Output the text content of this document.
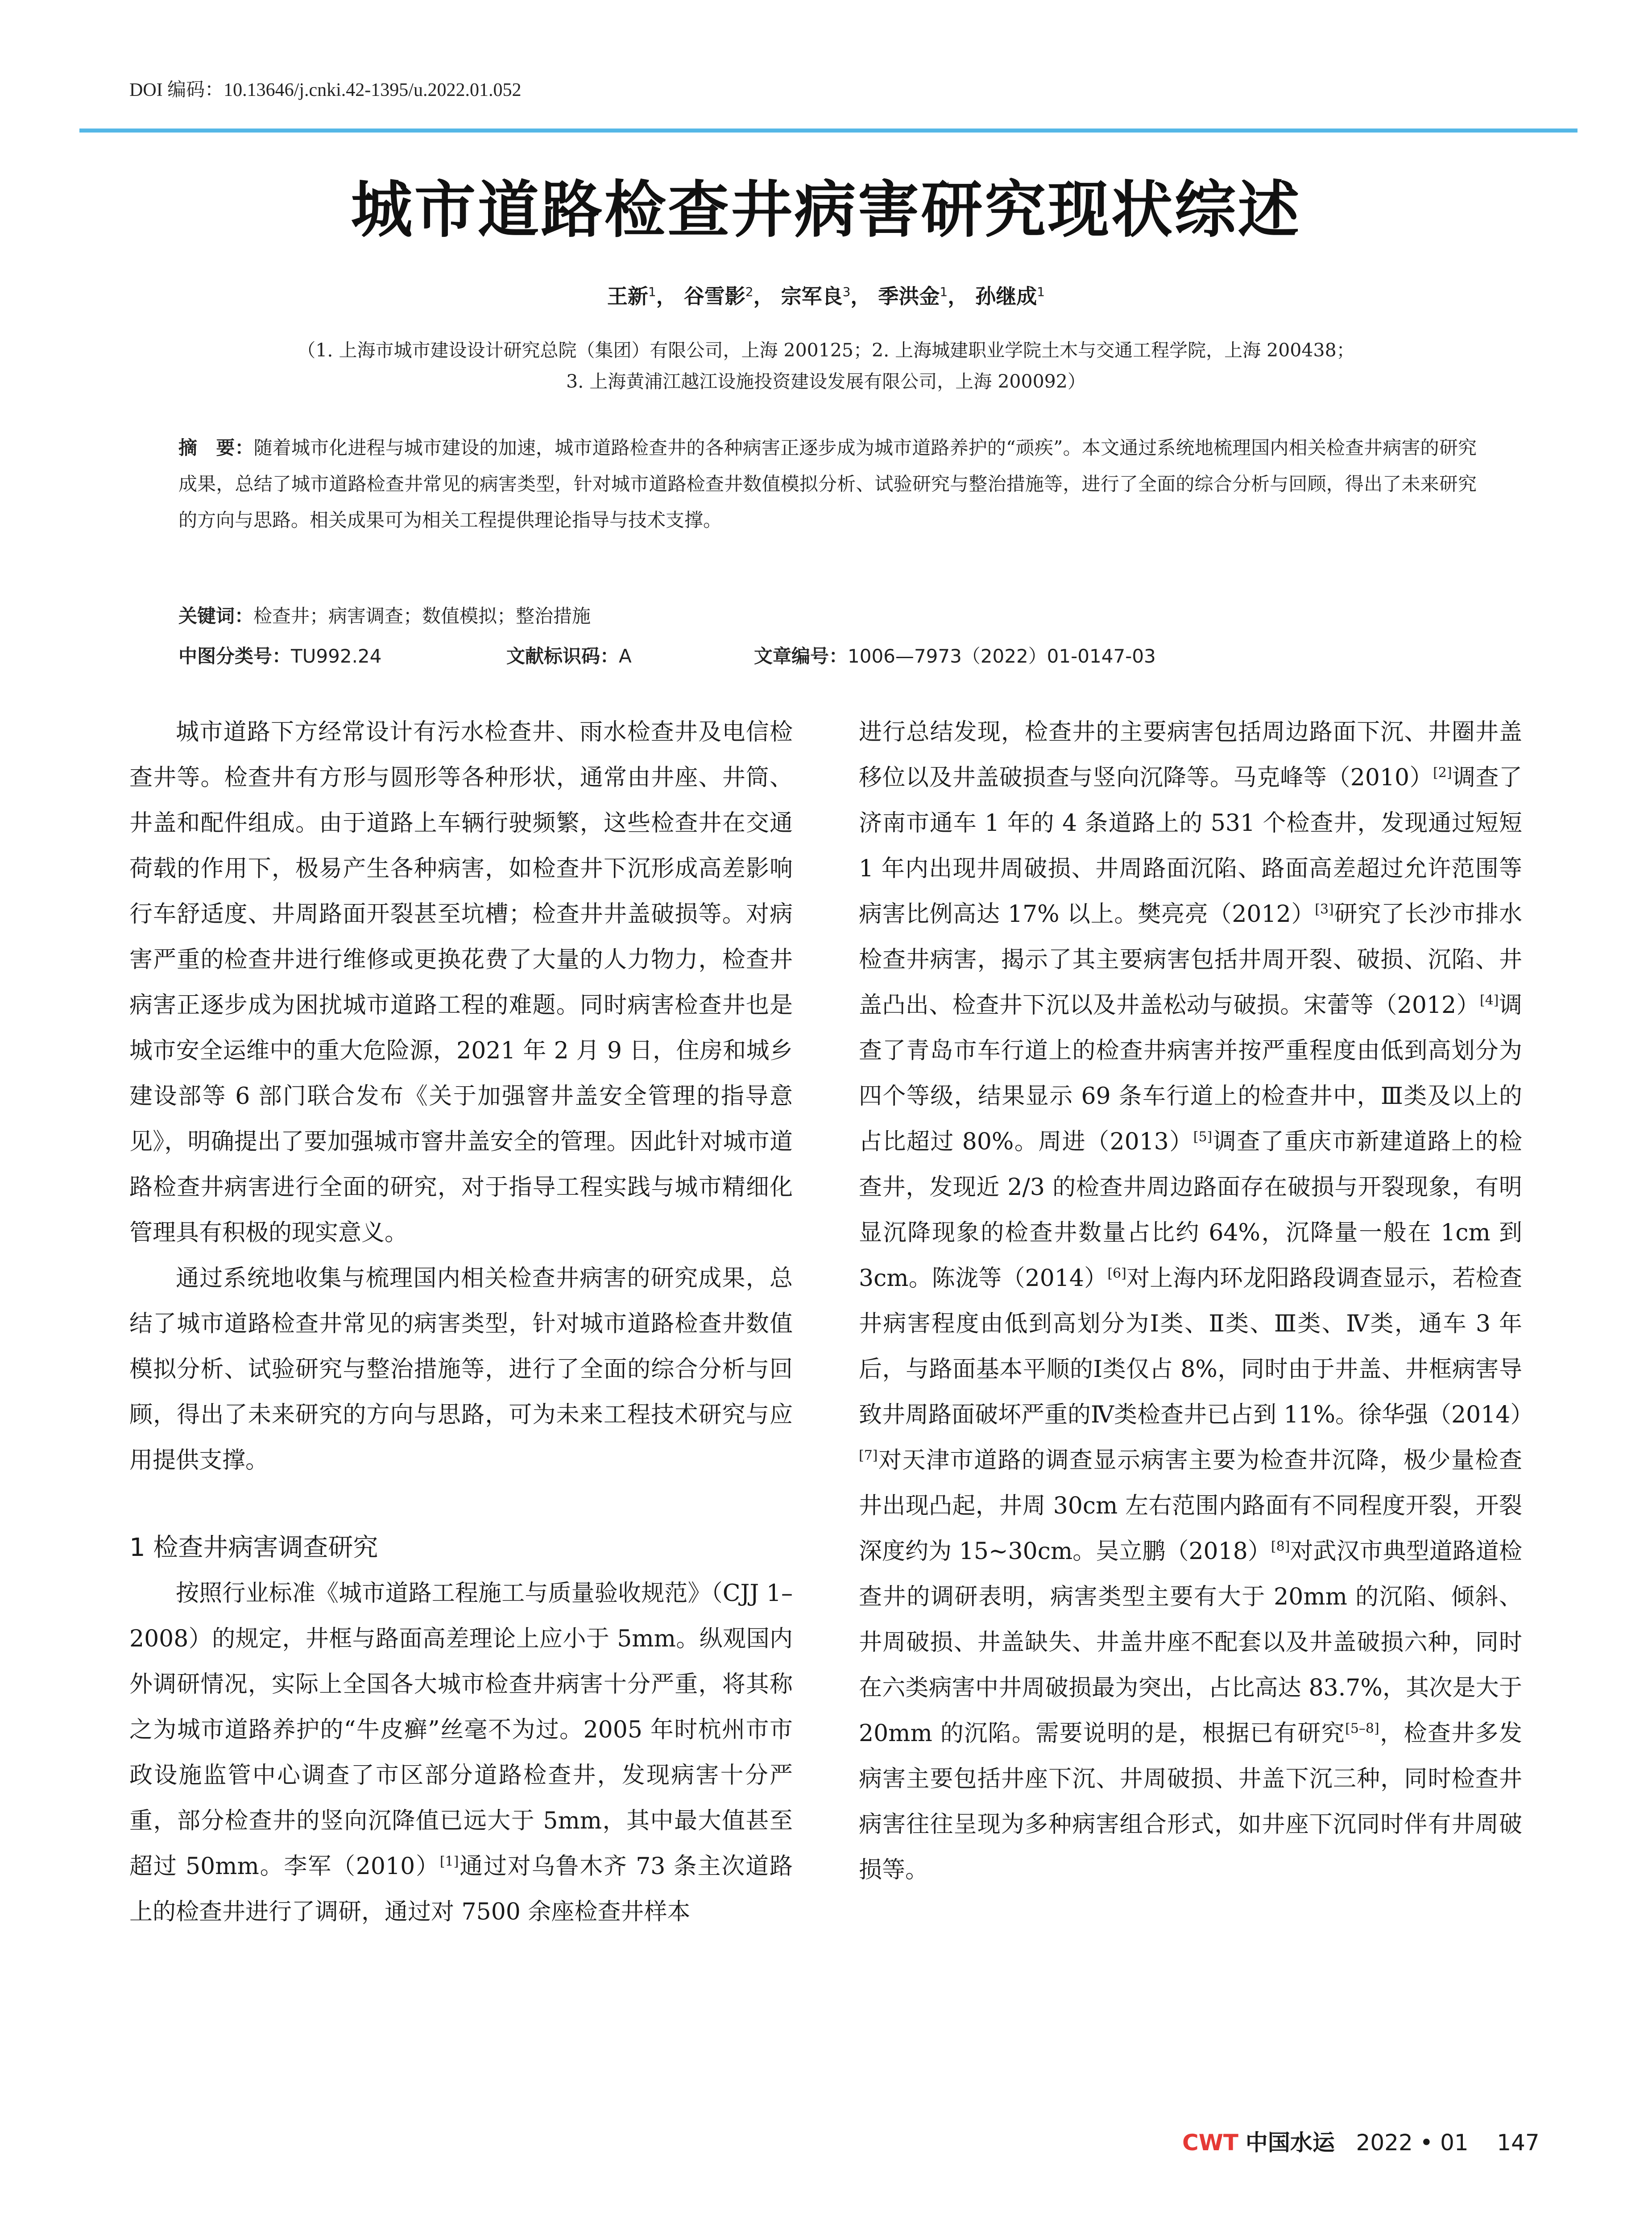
DOI 编码：10.13646/j.cnki.42-1395/u.2022.01.052
城市道路检查井病害研究现状综述
王新$^1$， 谷雪影$^2$， 宗军良$^3$， 季洪金$^1$， 孙继成$^1$
（1. 上海市城市建设设计研究总院（集团）有限公司，上海 200125；2. 上海城建职业学院土木与交通工程学院，上海 200438；
3. 上海黄浦江越江设施投资建设发展有限公司，上海 200092）
摘　要：随着城市化进程与城市建设的加速，城市道路检查井的各种病害正逐步成为城市道路养护的“顽疾”。本文通过系统地梳理国内相关检查井病害的研究成果，总结了城市道路检查井常见的病害类型，针对城市道路检查井数值模拟分析、试验研究与整治措施等，进行了全面的综合分析与回顾，得出了未来研究的方向与思路。相关成果可为相关工程提供理论指导与技术支撑。
关键词：检查井；病害调查；数值模拟；整治措施
中图分类号：TU992.24	文献标识码：A	文章编号：1006—7973（2022）01-0147-03

城市道路下方经常设计有污水检查井、雨水检查井及电信检查井等。检查井有方形与圆形等各种形状，通常由井座、井筒、井盖和配件组成。由于道路上车辆行驶频繁，这些检查井在交通荷载的作用下，极易产生各种病害，如检查井下沉形成高差影响行车舒适度、井周路面开裂甚至坑槽；检查井井盖破损等。对病害严重的检查井进行维修或更换花费了大量的人力物力，检查井病害正逐步成为困扰城市道路工程的难题。同时病害检查井也是城市安全运维中的重大危险源，2021 年 2 月 9 日，住房和城乡建设部等 6 部门联合发布《关于加强窨井盖安全管理的指导意见》，明确提出了要加强城市窨井盖安全的管理。因此针对城市道路检查井病害进行全面的研究，对于指导工程实践与城市精细化管理具有积极的现实意义。

通过系统地收集与梳理国内相关检查井病害的研究成果，总结了城市道路检查井常见的病害类型，针对城市道路检查井数值模拟分析、试验研究与整治措施等，进行了全面的综合分析与回顾，得出了未来研究的方向与思路，可为未来工程技术研究与应用提供支撑。

1 检查井病害调查研究

按照行业标准《城市道路工程施工与质量验收规范》（CJJ 1–2008）的规定，井框与路面高差理论上应小于 5mm。纵观国内外调研情况，实际上全国各大城市检查井病害十分严重，将其称之为城市道路养护的“牛皮癣”丝毫不为过。2005 年时杭州市市政设施监管中心调查了市区部分道路检查井，发现病害十分严重，部分检查井的竖向沉降值已远大于 5mm，其中最大值甚至超过 50mm。李军（2010）[1]通过对乌鲁木齐 73 条主次道路上的检查井进行了调研，通过对 7500 余座检查井样本

进行总结发现，检查井的主要病害包括周边路面下沉、井圈井盖移位以及井盖破损查与竖向沉降等。马克峰等（2010）[2]调查了济南市通车 1 年的 4 条道路上的 531 个检查井，发现通过短短 1 年内出现井周破损、井周路面沉陷、路面高差超过允许范围等病害比例高达 17% 以上。樊亮亮（2012）[3]研究了长沙市排水检查井病害，揭示了其主要病害包括井周开裂、破损、沉陷、井盖凸出、检查井下沉以及井盖松动与破损。宋蕾等（2012）[4]调查了青岛市车行道上的检查井病害并按严重程度由低到高划分为四个等级，结果显示 69 条车行道上的检查井中，Ⅲ类及以上的占比超过 80%。周进（2013）[5]调查了重庆市新建道路上的检查井，发现近 2/3 的检查井周边路面存在破损与开裂现象，有明显沉降现象的检查井数量占比约 64%，沉降量一般在 1cm 到 3cm。陈泷等（2014）[6]对上海内环龙阳路段调查显示，若检查井病害程度由低到高划分为Ⅰ类、Ⅱ类、Ⅲ类、Ⅳ类，通车 3 年后，与路面基本平顺的Ⅰ类仅占 8%，同时由于井盖、井框病害导致井周路面破坏严重的Ⅳ类检查井已占到 11%。徐华强（2014）[7]对天津市道路的调查显示病害主要为检查井沉降，极少量检查井出现凸起，井周 30cm 左右范围内路面有不同程度开裂，开裂深度约为 15~30cm。吴立鹏（2018）[8]对武汉市典型道路道检查井的调研表明，病害类型主要有大于 20mm 的沉陷、倾斜、井周破损、井盖缺失、井盖井座不配套以及井盖破损六种，同时在六类病害中井周破损最为突出，占比高达 83.7%，其次是大于 20mm 的沉陷。需要说明的是，根据已有研究[5–8]，检查井多发病害主要包括井座下沉、井周破损、井盖下沉三种，同时检查井病害往往呈现为多种病害组合形式，如井座下沉同时伴有井周破损等。

CWT 中国水运 2022 • 01 147
